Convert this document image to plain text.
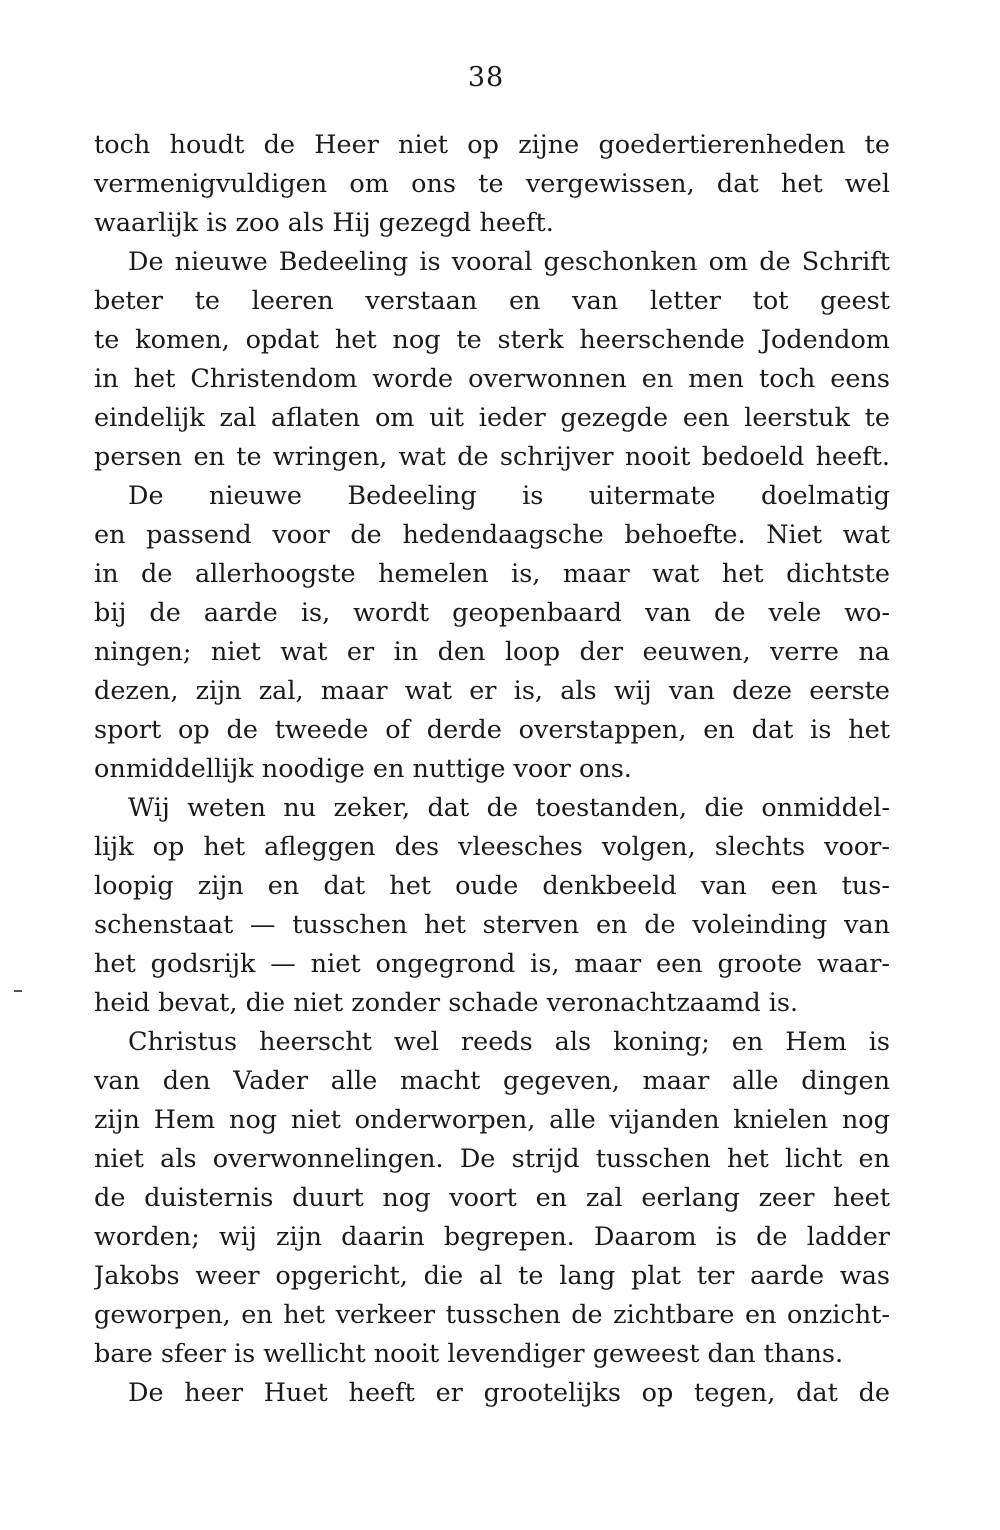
38
toch houdt de Heer niet op zijne goedertierenheden te
vermenigvuldigen om ons te vergewissen, dat het wel
waarlijk is zoo als Hij gezegd heeft.
De nieuwe Bedeeling is vooral geschonken om de Schrift
beter te leeren verstaan en van letter tot geest
te komen, opdat het nog te sterk heerschende Jodendom
in het Christendom worde overwonnen en men toch eens
eindelijk zal aflaten om uit ieder gezegde een leerstuk te
persen en te wringen, wat de schrijver nooit bedoeld heeft.
De nieuwe Bedeeling is uitermate doelmatig
en passend voor de hedendaagsche behoefte. Niet wat
in de allerhoogste hemelen is, maar wat het dichtste
bij de aarde is, wordt geopenbaard van de vele wo-
ningen; niet wat er in den loop der eeuwen, verre na
dezen, zijn zal, maar wat er is, als wij van deze eerste
sport op de tweede of derde overstappen, en dat is het
onmiddellijk noodige en nuttige voor ons.
Wij weten nu zeker, dat de toestanden, die onmiddel-
lijk op het afleggen des vleesches volgen, slechts voor-
loopig zijn en dat het oude denkbeeld van een tus-
schenstaat — tusschen het sterven en de voleinding van
het godsrijk — niet ongegrond is, maar een groote waar-
heid bevat, die niet zonder schade veronachtzaamd is.
Christus heerscht wel reeds als koning; en Hem is
van den Vader alle macht gegeven, maar alle dingen
zijn Hem nog niet onderworpen, alle vijanden knielen nog
niet als overwonnelingen. De strijd tusschen het licht en
de duisternis duurt nog voort en zal eerlang zeer heet
worden; wij zijn daarin begrepen. Daarom is de ladder
Jakobs weer opgericht, die al te lang plat ter aarde was
geworpen, en het verkeer tusschen de zichtbare en onzicht-
bare sfeer is wellicht nooit levendiger geweest dan thans.
De heer Huet heeft er grootelijks op tegen, dat de
